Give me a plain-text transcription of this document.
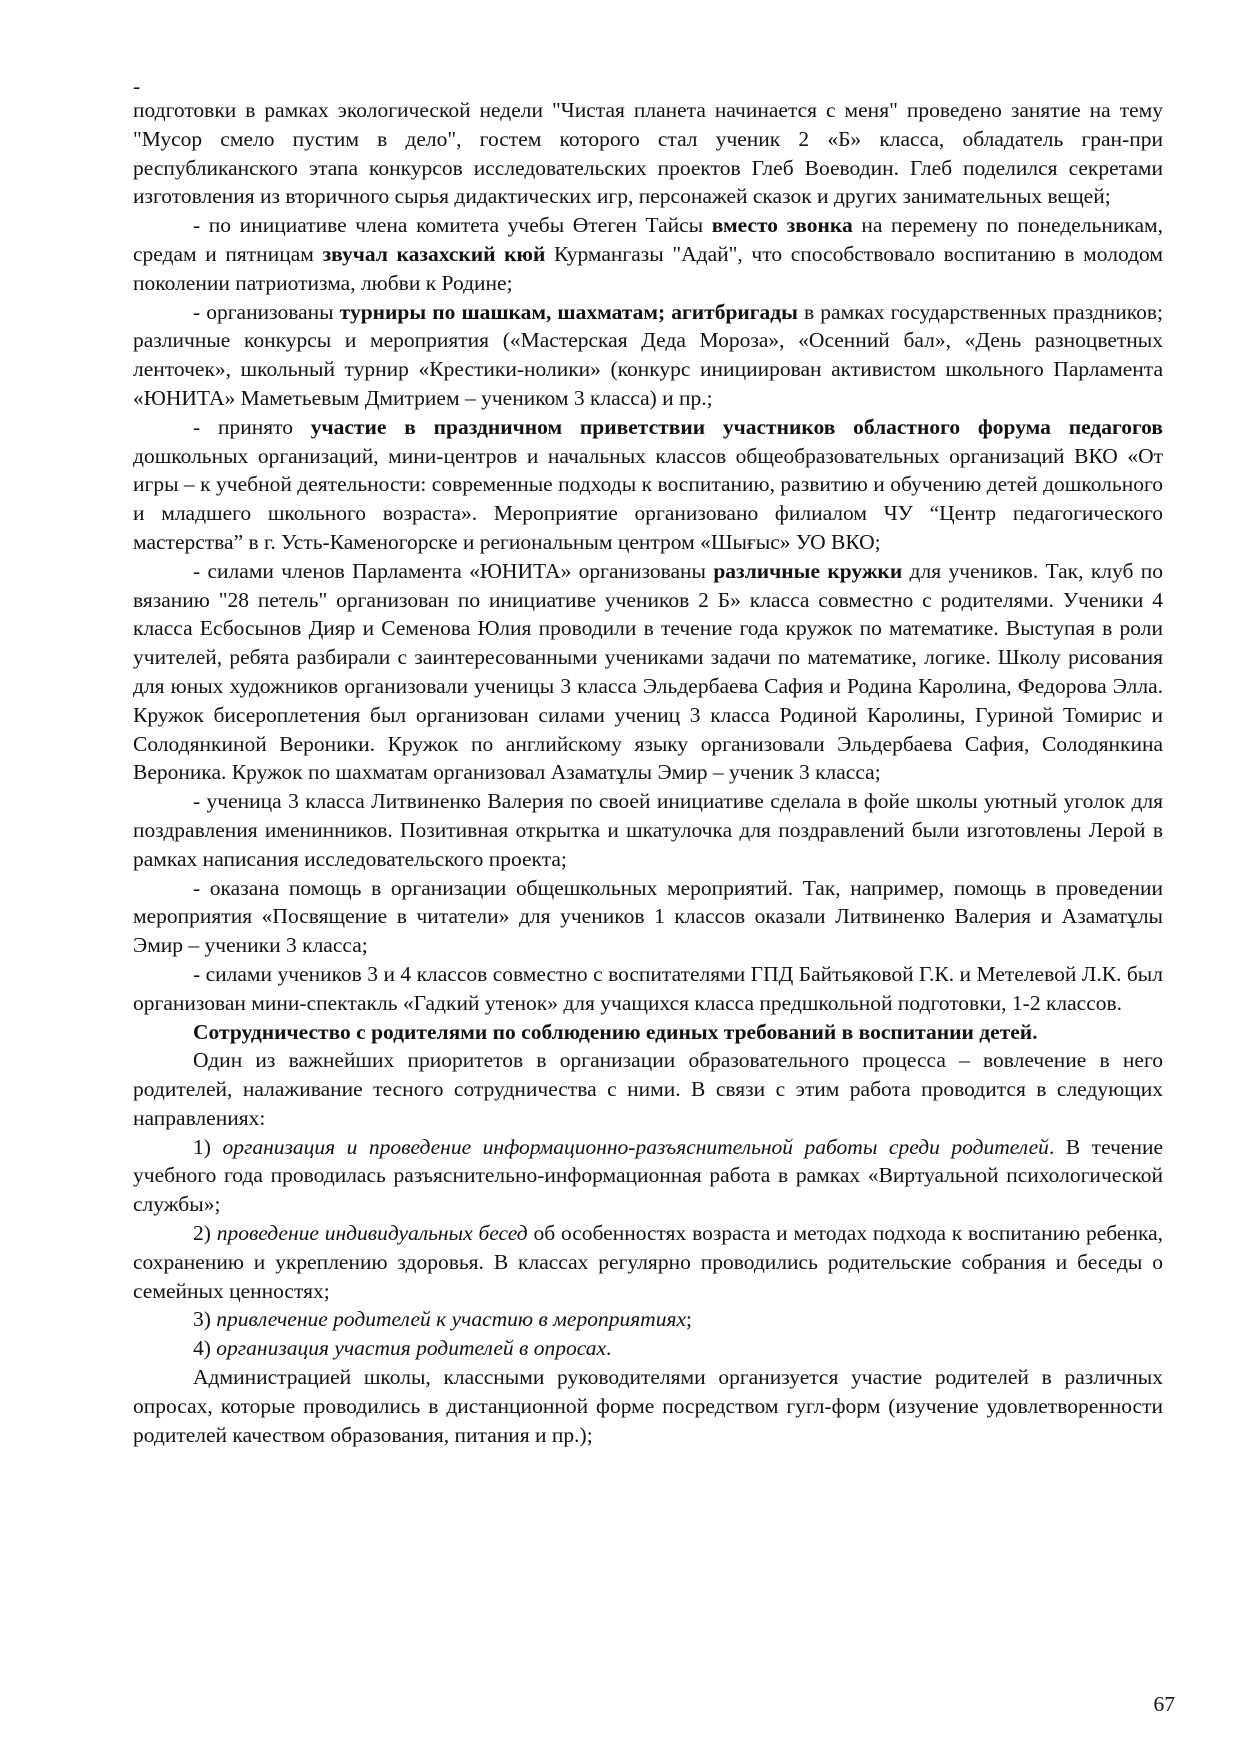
-

подготовки в рамках экологической недели "Чистая планета начинается с меня" проведено занятие на тему "Мусор смело пустим в дело", гостем которого стал ученик 2 «Б» класса, обладатель гран-при республиканского этапа конкурсов исследовательских проектов Глеб Воеводин. Глеб поделился секретами изготовления из вторичного сырья дидактических игр, персонажей сказок и других занимательных вещей;

- по инициативе члена комитета учебы Өтеген Тайсы вместо звонка на перемену по понедельникам, средам и пятницам звучал казахский кюй Курмангазы "Адай", что способствовало воспитанию в молодом поколении патриотизма, любви к Родине;

- организованы турниры по шашкам, шахматам; агитбригады в рамках государственных праздников; различные конкурсы и мероприятия («Мастерская Деда Мороза», «Осенний бал», «День разноцветных ленточек», школьный турнир «Крестики-нолики» (конкурс инициирован активистом школьного Парламента «ЮНИТА» Маметьевым Дмитрием – учеником 3 класса) и пр.;

- принято участие в праздничном приветствии участников областного форума педагогов дошкольных организаций, мини-центров и начальных классов общеобразовательных организаций ВКО «От игры – к учебной деятельности: современные подходы к воспитанию, развитию и обучению детей дошкольного и младшего школьного возраста». Мероприятие организовано филиалом ЧУ “Центр педагогического мастерства” в г. Усть-Каменогорске и региональным центром «Шығыс» УО ВКО;

- силами членов Парламента «ЮНИТА» организованы различные кружки для учеников. Так, клуб по вязанию "28 петель" организован по инициативе учеников 2 Б» класса совместно с родителями. Ученики 4 класса Есбосынов Дияр и Семенова Юлия проводили в течение года кружок по математике. Выступая в роли учителей, ребята разбирали с заинтересованными учениками задачи по математике, логике. Школу рисования для юных художников организовали ученицы 3 класса Эльдербаева Сафия и Родина Каролина, Федорова Элла. Кружок бисероплетения был организован силами учениц 3 класса Родиной Каролины, Гуриной Томирис и Солодянкиной Вероники. Кружок по английскому языку организовали Эльдербаева Сафия, Солодянкина Вероника. Кружок по шахматам организовал Азаматұлы Эмир – ученик 3 класса;

- ученица 3 класса Литвиненко Валерия по своей инициативе сделала в фойе школы уютный уголок для поздравления именинников. Позитивная открытка и шкатулочка для поздравлений были изготовлены Лерой в рамках написания исследовательского проекта;

- оказана помощь в организации общешкольных мероприятий. Так, например, помощь в проведении мероприятия «Посвящение в читатели» для учеников 1 классов оказали Литвиненко Валерия и Азаматұлы Эмир – ученики 3 класса;

- силами учеников 3 и 4 классов совместно с воспитателями ГПД Байтьяковой Г.К. и Метелевой Л.К. был организован мини-спектакль «Гадкий утенок» для учащихся класса предшкольной подготовки, 1-2 классов.

Сотрудничество с родителями по соблюдению единых требований в воспитании детей.

Один из важнейших приоритетов в организации образовательного процесса – вовлечение в него родителей, налаживание тесного сотрудничества с ними. В связи с этим работа проводится в следующих направлениях:

1) организация и проведение информационно-разъяснительной работы среди родителей. В течение учебного года проводилась разъяснительно-информационная работа в рамках «Виртуальной психологической службы»;

2) проведение индивидуальных бесед об особенностях возраста и методах подхода к воспитанию ребенка, сохранению и укреплению здоровья. В классах регулярно проводились родительские собрания и беседы о семейных ценностях;

3) привлечение родителей к участию в мероприятиях;

4) организация участия родителей в опросах.

Администрацией школы, классными руководителями организуется участие родителей в различных опросах, которые проводились в дистанционной форме посредством гугл-форм (изучение удовлетворенности родителей качеством образования, питания и пр.);

67
